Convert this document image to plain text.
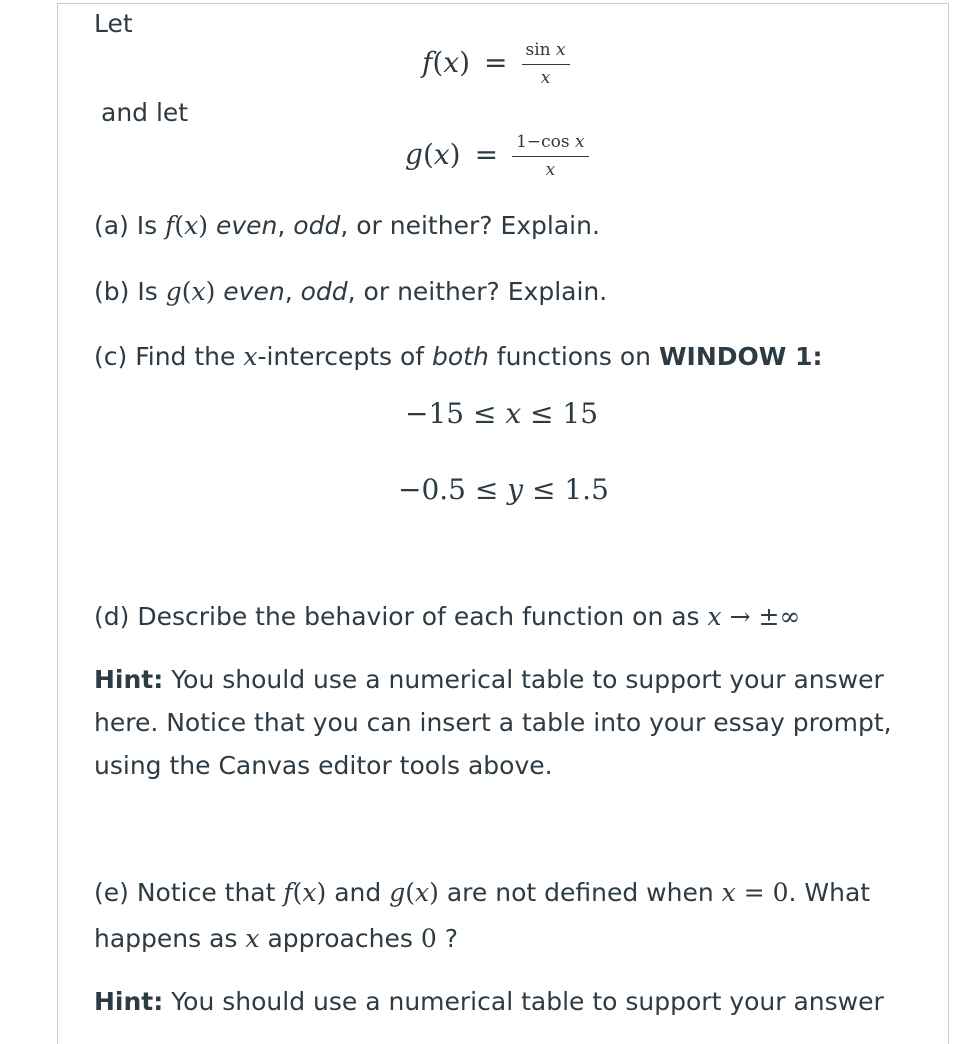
Let
$f(x) = \frac{\text{sin x}}{x}$
and let
$g(x) = \frac{\text{1−cos x}}{x}$
(a) Is f(x) even, odd, or neither? Explain.
(b) Is g(x) even, odd, or neither? Explain.
(c) Find the x-intercepts of both functions on WINDOW 1:
−15 ≤ x ≤ 15
−0.5 ≤ y ≤ 1.5
(d) Describe the behavior of each function on as x → ±∞
Hint: You should use a numerical table to support your answer
here. Notice that you can insert a table into your essay prompt,
using the Canvas editor tools above.
(e) Notice that f(x) and g(x) are not defined when x = 0. What
happens as x approaches 0 ?
Hint: You should use a numerical table to support your answer
